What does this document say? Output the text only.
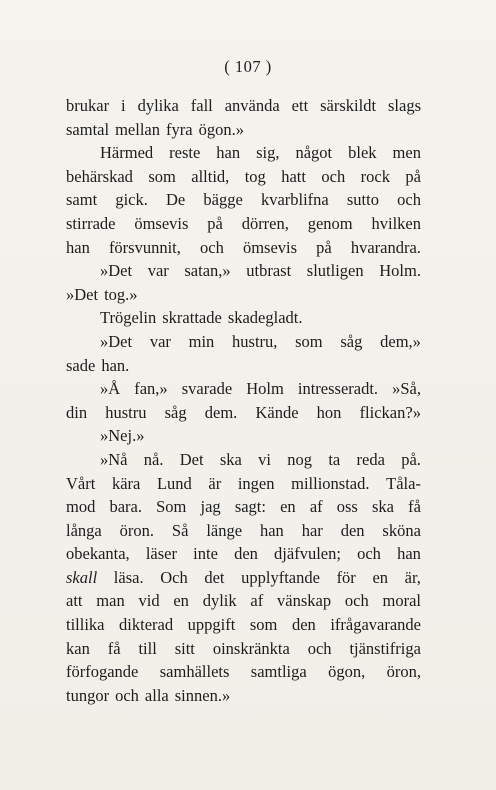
( 107 )
brukar i dylika fall använda ett särskildt slags
samtal mellan fyra ögon.»
Härmed reste han sig, något blek men
behärskad som alltid, tog hatt och rock på
samt gick. De bägge kvarblifna sutto och
stirrade ömsevis på dörren, genom hvilken
han försvunnit, och ömsevis på hvarandra.
»Det var satan,» utbrast slutligen Holm.
»Det tog.»
Trögelin skrattade skadegladt.
»Det var min hustru, som såg dem,»
sade han.
»Å fan,» svarade Holm intresseradt. »Så,
din hustru såg dem. Kände hon flickan?»
»Nej.»
»Nå nå. Det ska vi nog ta reda på.
Vårt kära Lund är ingen millionstad. Tåla-
mod bara. Som jag sagt: en af oss ska få
långa öron. Så länge han har den sköna
obekanta, läser inte den djäfvulen; och han
skall läsa. Och det upplyftande för en är,
att man vid en dylik af vänskap och moral
tillika dikterad uppgift som den ifrågavarande
kan få till sitt oinskränkta och tjänstifriga
förfogande samhällets samtliga ögon, öron,
tungor och alla sinnen.»
